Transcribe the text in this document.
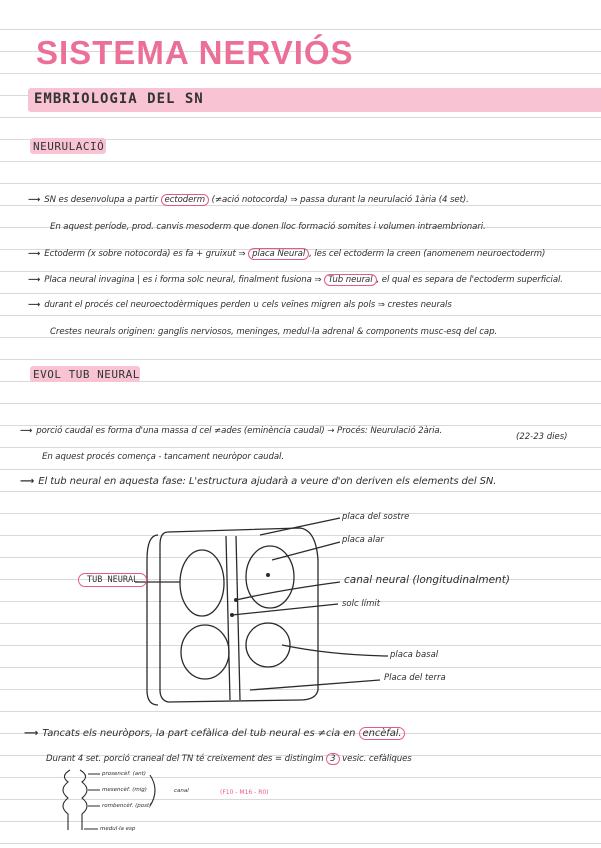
SISTEMA NERVIÓS
EMBRIOLOGIA DEL SN
NEURULACIÓ
⟶ SN es desenvolupa a partir ectoderm (≠ació notocorda) ⇒ passa durant la neurulació 1ària (4 set).
En aquest període, prod. canvis mesoderm que donen lloc formació somites i volumen intraembrionari.
⟶ Ectoderm (x sobre notocorda) es fa + gruixut ⇒ placa Neural , les cel ectoderm la creen (anomenem neuroectoderm)
⟶ Placa neural invagina | es i forma solc neural, finalment fusiona ⇒ Tub neural , el qual es separa de l'ectoderm superficial.
⟶ durant el procés cel neuroectodèrmiques perden ∪ cels veïnes migren als pols ⇒ crestes neurals
Crestes neurals originen: ganglis nerviosos, meninges, medul·la adrenal & components musc-esq del cap.
EVOL TUB NEURAL
⟶ porció caudal es forma d'una massa d cel ≠ades (eminència caudal) → Procés: Neurulació 2ària.
(22-23 dies)
En aquest procés comença - tancament neuròpor caudal.
⟶ El tub neural en aquesta fase: L'estructura ajudarà a veure d'on deriven els elements del SN.
TUB NEURAL
placa del sostre
placa alar
canal neural (longitudinalment)
solc límit
placa basal
Placa del terra
⟶ Tancats els neuròpors, la part cefàlica del tub neural es ≠cia en encèfal.
Durant 4 set. porció craneal del TN té creixement des = distingim 3 vesic. cefàliques
prosencèf. (ant)
mesencèf. (mig)
rombencèf. (post)
medul·la esp
canal	(F10 - M16 - R0)
